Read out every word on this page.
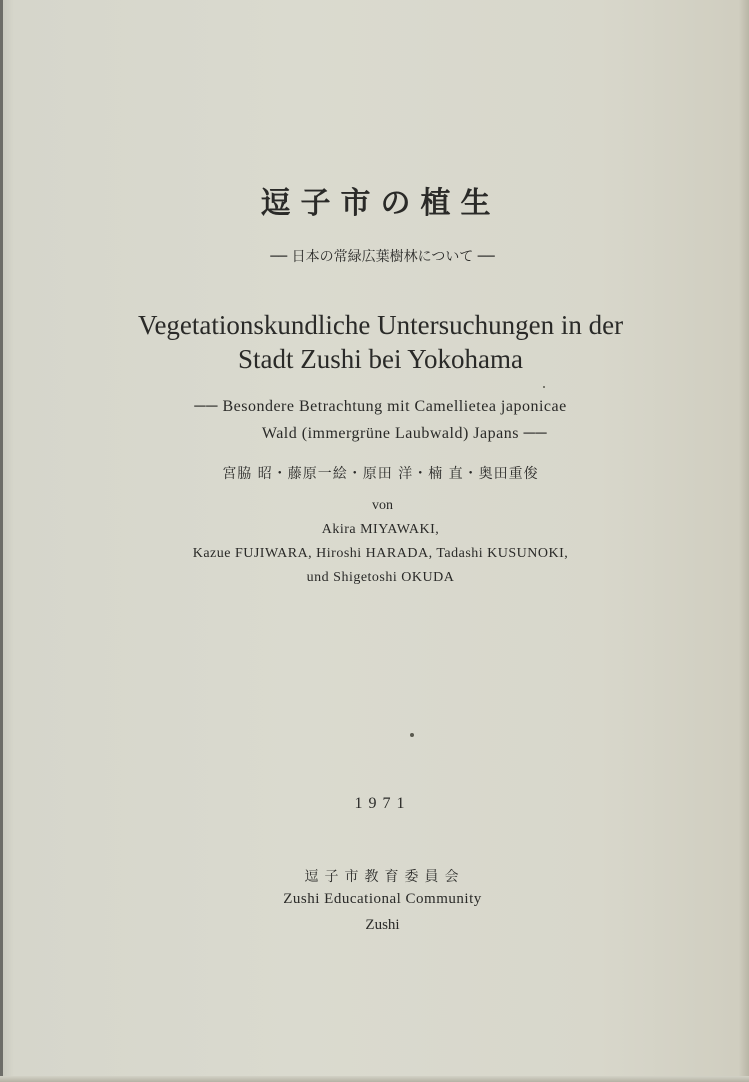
逗子市の植生
── 日本の常緑広葉樹林について ──
Vegetationskundliche Untersuchungen in der
Stadt Zushi bei Yokohama
── Besondere Betrachtung mit Camellietea japonicae
Wald (immergrüne Laubwald) Japans ──
宮脇 昭・藤原一絵・原田 洋・楠 直・奥田重俊
von
Akira MIYAWAKI,
Kazue FUJIWARA, Hiroshi HARADA, Tadashi KUSUNOKI,
und Shigetoshi OKUDA
1971
逗子市教育委員会
Zushi Educational Community
Zushi
